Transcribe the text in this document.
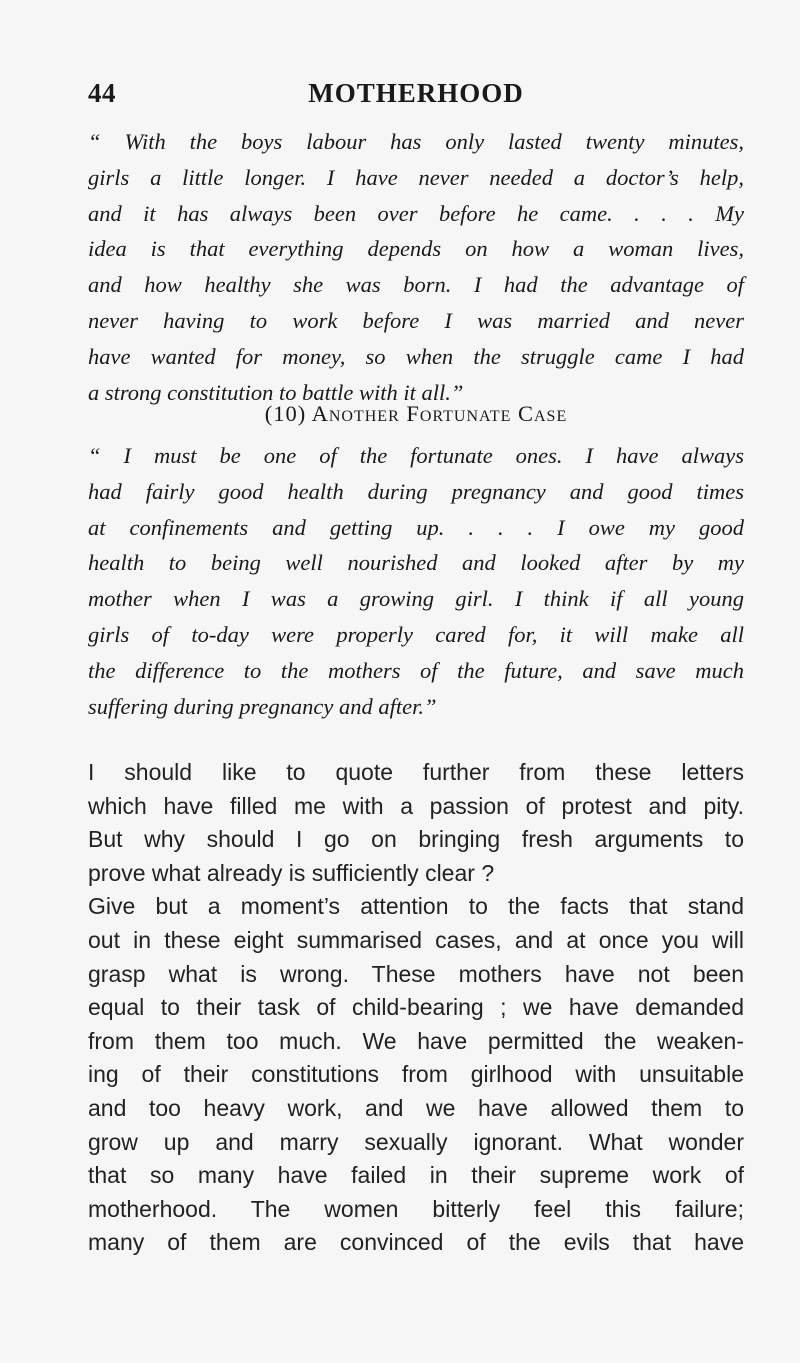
44	MOTHERHOOD
“ With the boys labour has only lasted twenty minutes,
girls a little longer. I have never needed a doctor’s help,
and it has always been over before he came. . . . My
idea is that everything depends on how a woman lives,
and how healthy she was born. I had the advantage of
never having to work before I was married and never
have wanted for money, so when the struggle came I had
a strong constitution to battle with it all.”
(10) Another Fortunate Case
“ I must be one of the fortunate ones. I have always
had fairly good health during pregnancy and good times
at confinements and getting up. . . . I owe my good
health to being well nourished and looked after by my
mother when I was a growing girl. I think if all young
girls of to-day were properly cared for, it will make all
the difference to the mothers of the future, and save much
suffering during pregnancy and after.”
I should like to quote further from these letters
which have filled me with a passion of protest and pity.
But why should I go on bringing fresh arguments to
prove what already is sufficiently clear ?
Give but a moment’s attention to the facts that stand
out in these eight summarised cases, and at once you will
grasp what is wrong. These mothers have not been
equal to their task of child-bearing ; we have demanded
from them too much. We have permitted the weaken-
ing of their constitutions from girlhood with unsuitable
and too heavy work, and we have allowed them to
grow up and marry sexually ignorant. What wonder
that so many have failed in their supreme work of
motherhood. The women bitterly feel this failure;
many of them are convinced of the evils that have
